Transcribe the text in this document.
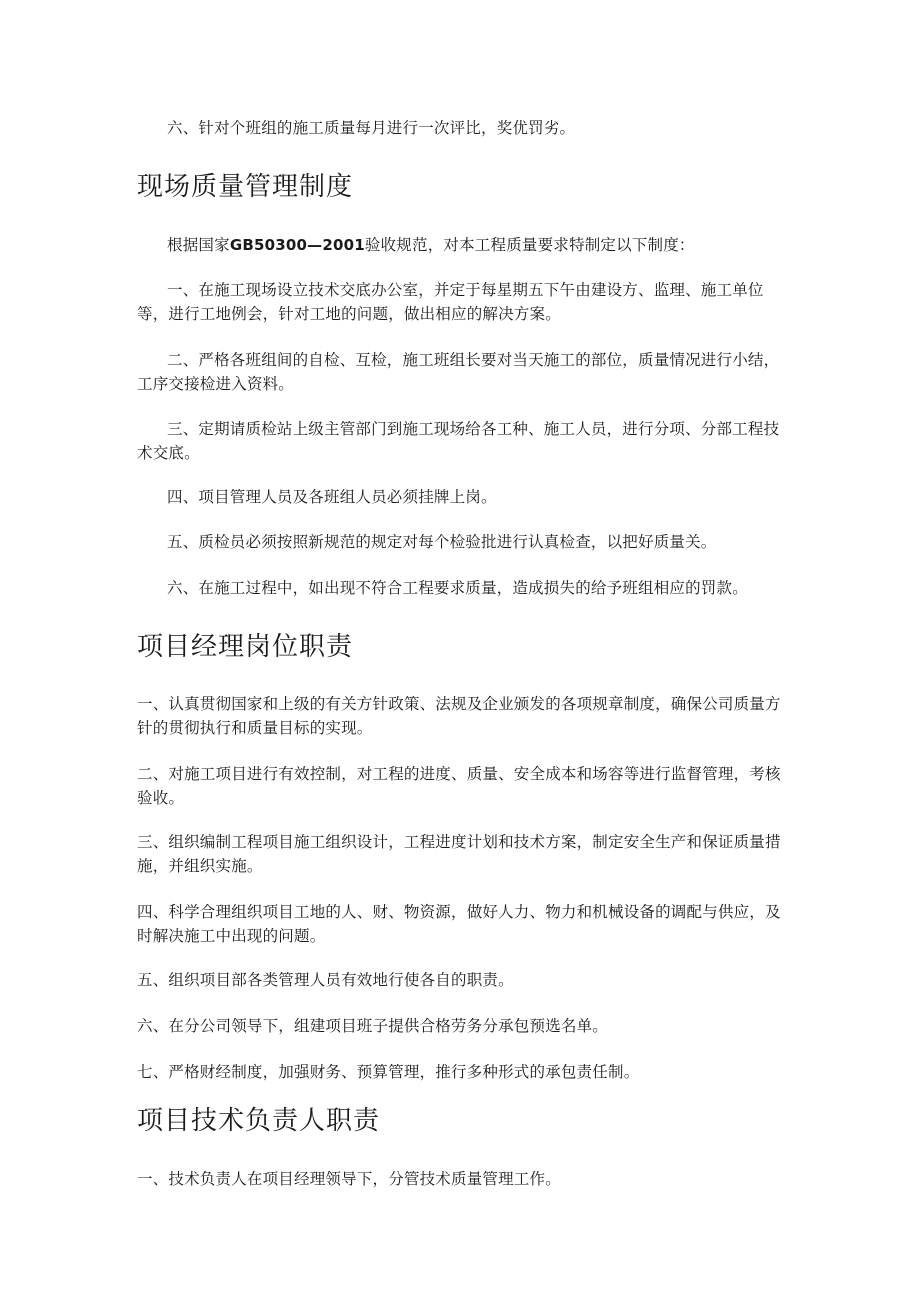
六、针对个班组的施工质量每月进行一次评比，奖优罚劣。

现场质量管理制度

根据国家GB50300—2001验收规范，对本工程质量要求特制定以下制度：

一、在施工现场设立技术交底办公室，并定于每星期五下午由建设方、监理、施工单位等，进行工地例会，针对工地的问题，做出相应的解决方案。

二、严格各班组间的自检、互检，施工班组长要对当天施工的部位，质量情况进行小结，工序交接检进入资料。

三、定期请质检站上级主管部门到施工现场给各工种、施工人员，进行分项、分部工程技术交底。

四、项目管理人员及各班组人员必须挂牌上岗。

五、质检员必须按照新规范的规定对每个检验批进行认真检查，以把好质量关。

六、在施工过程中，如出现不符合工程要求质量，造成损失的给予班组相应的罚款。

项目经理岗位职责

一、认真贯彻国家和上级的有关方针政策、法规及企业颁发的各项规章制度，确保公司质量方针的贯彻执行和质量目标的实现。

二、对施工项目进行有效控制，对工程的进度、质量、安全成本和场容等进行监督管理，考核验收。

三、组织编制工程项目施工组织设计，工程进度计划和技术方案，制定安全生产和保证质量措施，并组织实施。

四、科学合理组织项目工地的人、财、物资源，做好人力、物力和机械设备的调配与供应，及时解决施工中出现的问题。

五、组织项目部各类管理人员有效地行使各自的职责。

六、在分公司领导下，组建项目班子提供合格劳务分承包预选名单。

七、严格财经制度，加强财务、预算管理，推行多种形式的承包责任制。

项目技术负责人职责

一、技术负责人在项目经理领导下，分管技术质量管理工作。
